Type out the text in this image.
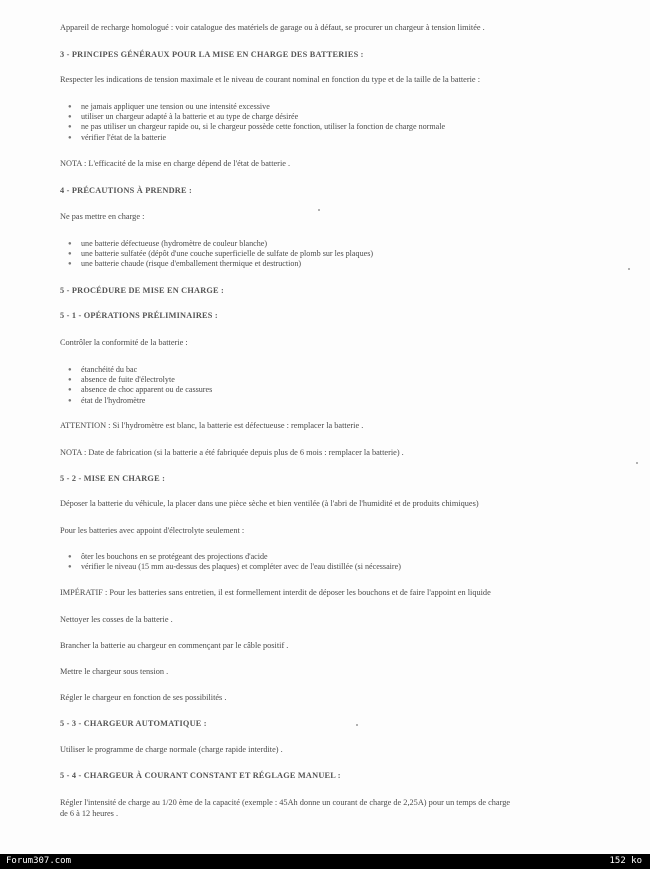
Appareil de recharge homologué : voir catalogue des matériels de garage ou à défaut, se procurer un chargeur à tension limitée .
3 - PRINCIPES GÉNÉRAUX POUR LA MISE EN CHARGE DES BATTERIES :
Respecter les indications de tension maximale et le niveau de courant nominal en fonction du type et de la taille de la batterie :
● ne jamais appliquer une tension ou une intensité excessive
● utiliser un chargeur adapté à la batterie et au type de charge désirée
● ne pas utiliser un chargeur rapide ou, si le chargeur possède cette fonction, utiliser la fonction de charge normale
● vérifier l'état de la batterie
NOTA : L'efficacité de la mise en charge dépend de l'état de batterie .
4 - PRÉCAUTIONS À PRENDRE :
Ne pas mettre en charge :
● une batterie défectueuse (hydromètre de couleur blanche)
● une batterie sulfatée (dépôt d'une couche superficielle de sulfate de plomb sur les plaques)
● une batterie chaude (risque d'emballement thermique et destruction)
5 - PROCÉDURE DE MISE EN CHARGE :
5 - 1 - OPÉRATIONS PRÉLIMINAIRES :
Contrôler la conformité de la batterie :
● étanchéité du bac
● absence de fuite d'électrolyte
● absence de choc apparent ou de cassures
● état de l'hydromètre
ATTENTION : Si l'hydromètre est blanc, la batterie est défectueuse : remplacer la batterie .
NOTA : Date de fabrication (si la batterie a été fabriquée depuis plus de 6 mois : remplacer la batterie) .
5 - 2 - MISE EN CHARGE :
Déposer la batterie du véhicule, la placer dans une pièce sèche et bien ventilée (à l'abri de l'humidité et de produits chimiques)
Pour les batteries avec appoint d'électrolyte seulement :
● ôter les bouchons en se protégeant des projections d'acide
● vérifier le niveau (15 mm au-dessus des plaques) et compléter avec de l'eau distillée (si nécessaire)
IMPÉRATIF : Pour les batteries sans entretien, il est formellement interdit de déposer les bouchons et de faire l'appoint en liquide
Nettoyer les cosses de la batterie .
Brancher la batterie au chargeur en commençant par le câble positif .
Mettre le chargeur sous tension .
Régler le chargeur en fonction de ses possibilités .
5 - 3 - CHARGEUR AUTOMATIQUE :
Utiliser le programme de charge normale (charge rapide interdite) .
5 - 4 - CHARGEUR À COURANT CONSTANT ET RÉGLAGE MANUEL :
Régler l'intensité de charge au 1/20 ème de la capacité (exemple : 45Ah donne un courant de charge de 2,25A) pour un temps de charge
de 6 à 12 heures .
Forum307.com	152 ko
